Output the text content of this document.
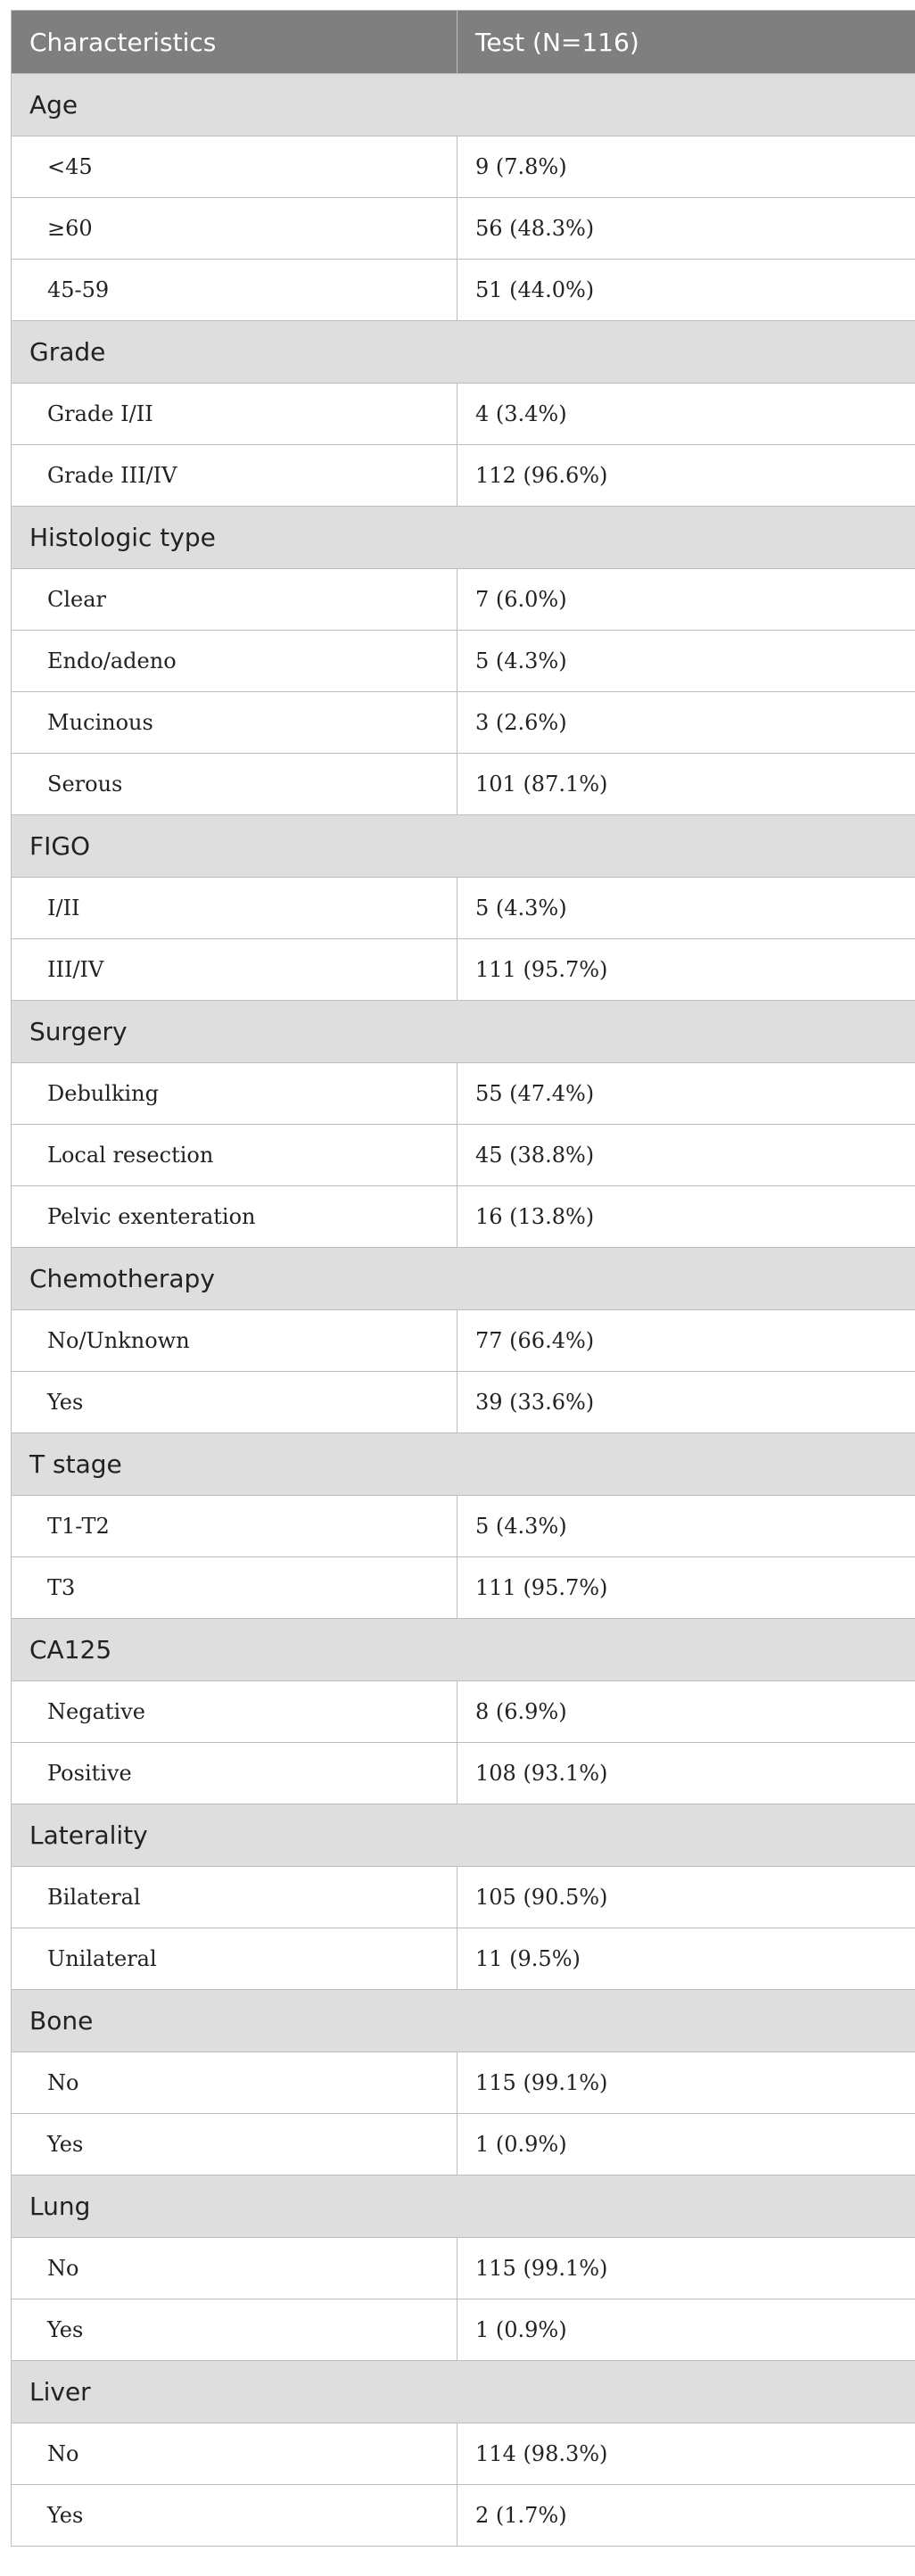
Characteristics	Test (N=116)
Age	
<45	9 (7.8%)
≥60	56 (48.3%)
45-59	51 (44.0%)
Grade	
Grade I/II	4 (3.4%)
Grade III/IV	112 (96.6%)
Histologic type	
Clear	7 (6.0%)
Endo/adeno	5 (4.3%)
Mucinous	3 (2.6%)
Serous	101 (87.1%)
FIGO	
I/II	5 (4.3%)
III/IV	111 (95.7%)
Surgery	
Debulking	55 (47.4%)
Local resection	45 (38.8%)
Pelvic exenteration	16 (13.8%)
Chemotherapy	
No/Unknown	77 (66.4%)
Yes	39 (33.6%)
T stage	
T1-T2	5 (4.3%)
T3	111 (95.7%)
CA125	
Negative	8 (6.9%)
Positive	108 (93.1%)
Laterality	
Bilateral	105 (90.5%)
Unilateral	11 (9.5%)
Bone	
No	115 (99.1%)
Yes	1 (0.9%)
Lung	
No	115 (99.1%)
Yes	1 (0.9%)
Liver	
No	114 (98.3%)
Yes	2 (1.7%)
